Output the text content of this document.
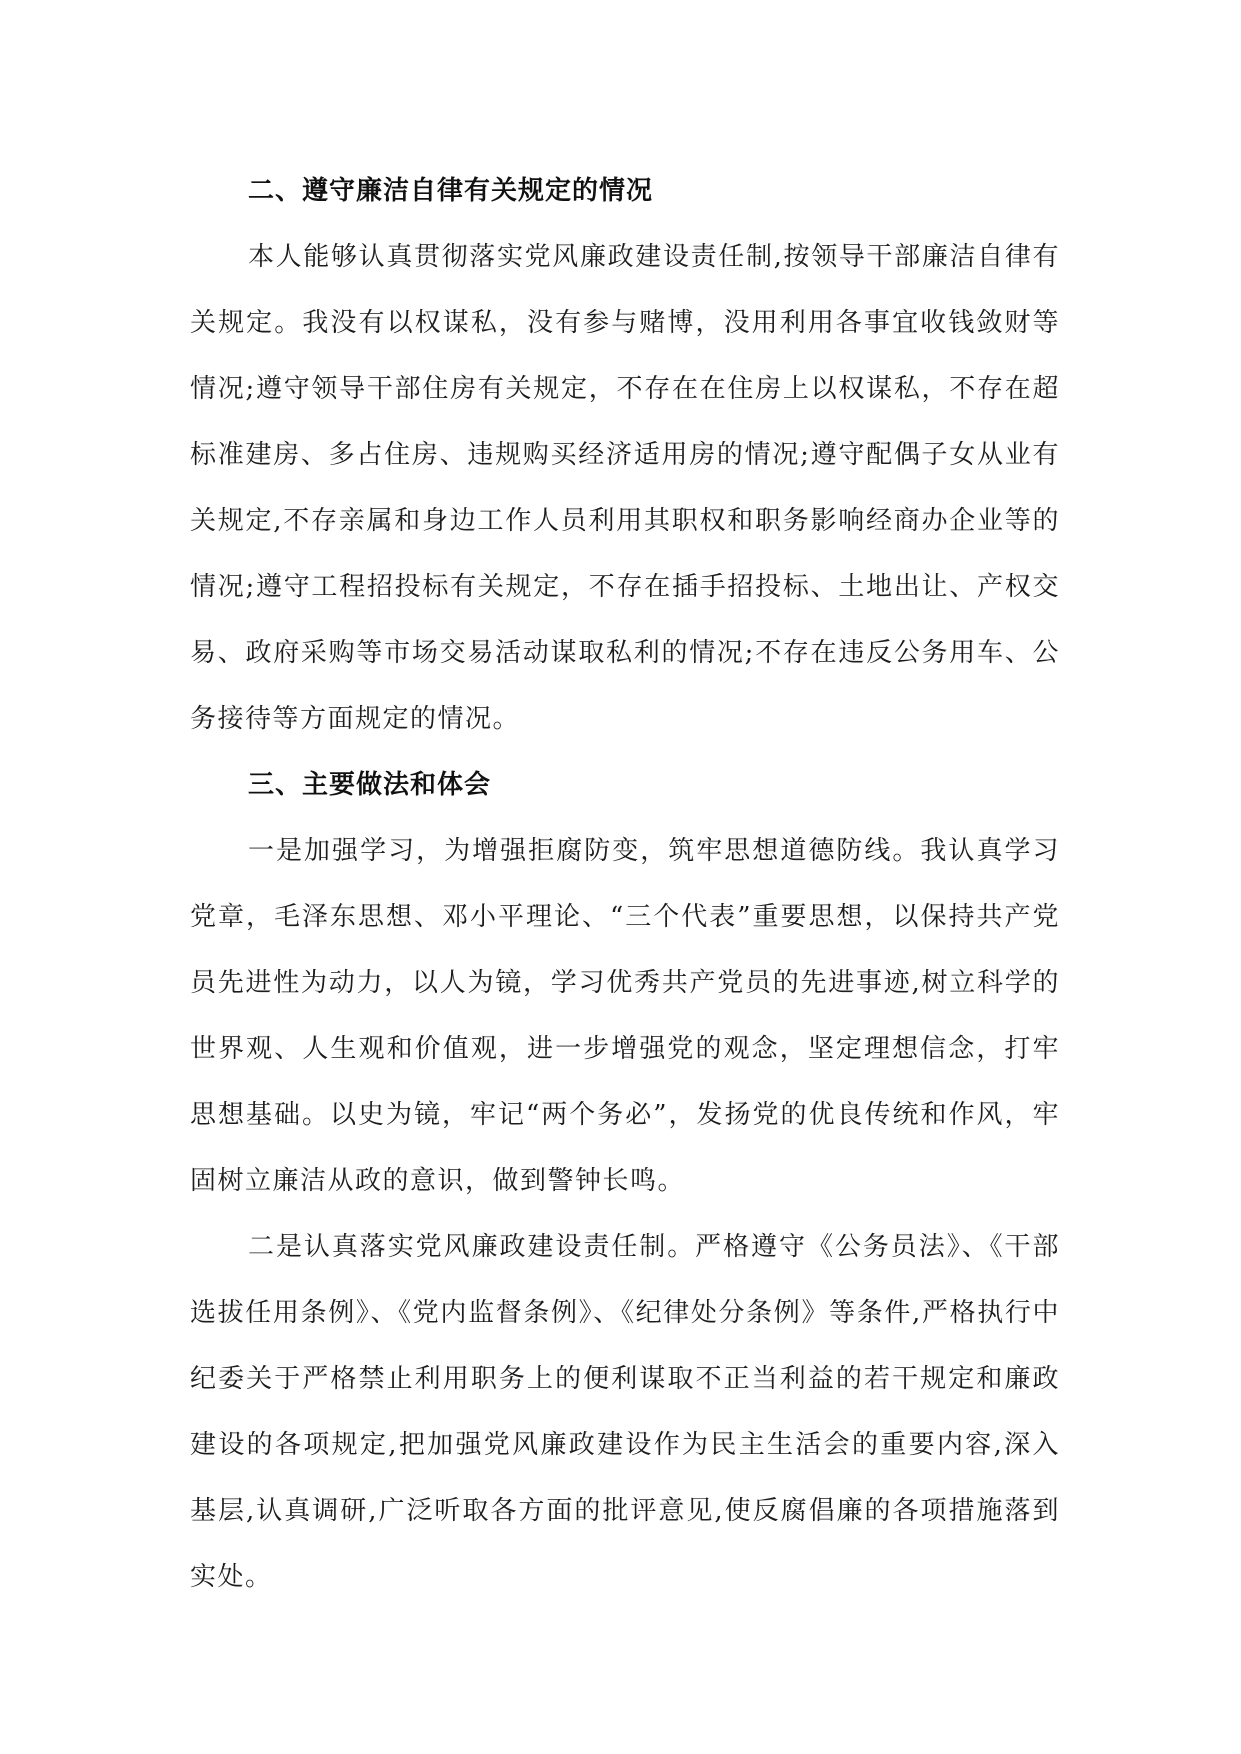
二、遵守廉洁自律有关规定的情况

本人能够认真贯彻落实党风廉政建设责任制,按领导干部廉洁自律有关规定。我没有以权谋私，没有参与赌博，没用利用各事宜收钱敛财等情况;遵守领导干部住房有关规定，不存在在住房上以权谋私，不存在超标准建房、多占住房、违规购买经济适用房的情况;遵守配偶子女从业有关规定,不存亲属和身边工作人员利用其职权和职务影响经商办企业等的情况;遵守工程招投标有关规定，不存在插手招投标、土地出让、产权交易、政府采购等市场交易活动谋取私利的情况;不存在违反公务用车、公务接待等方面规定的情况。

三、主要做法和体会

一是加强学习，为增强拒腐防变，筑牢思想道德防线。我认真学习党章，毛泽东思想、邓小平理论、“三个代表”重要思想，以保持共产党员先进性为动力，以人为镜，学习优秀共产党员的先进事迹,树立科学的世界观、人生观和价值观，进一步增强党的观念，坚定理想信念，打牢思想基础。以史为镜，牢记“两个务必”，发扬党的优良传统和作风，牢固树立廉洁从政的意识，做到警钟长鸣。

二是认真落实党风廉政建设责任制。严格遵守《公务员法》、《干部选拔任用条例》、《党内监督条例》、《纪律处分条例》等条件,严格执行中纪委关于严格禁止利用职务上的便利谋取不正当利益的若干规定和廉政建设的各项规定,把加强党风廉政建设作为民主生活会的重要内容,深入基层,认真调研,广泛听取各方面的批评意见,使反腐倡廉的各项措施落到实处。
